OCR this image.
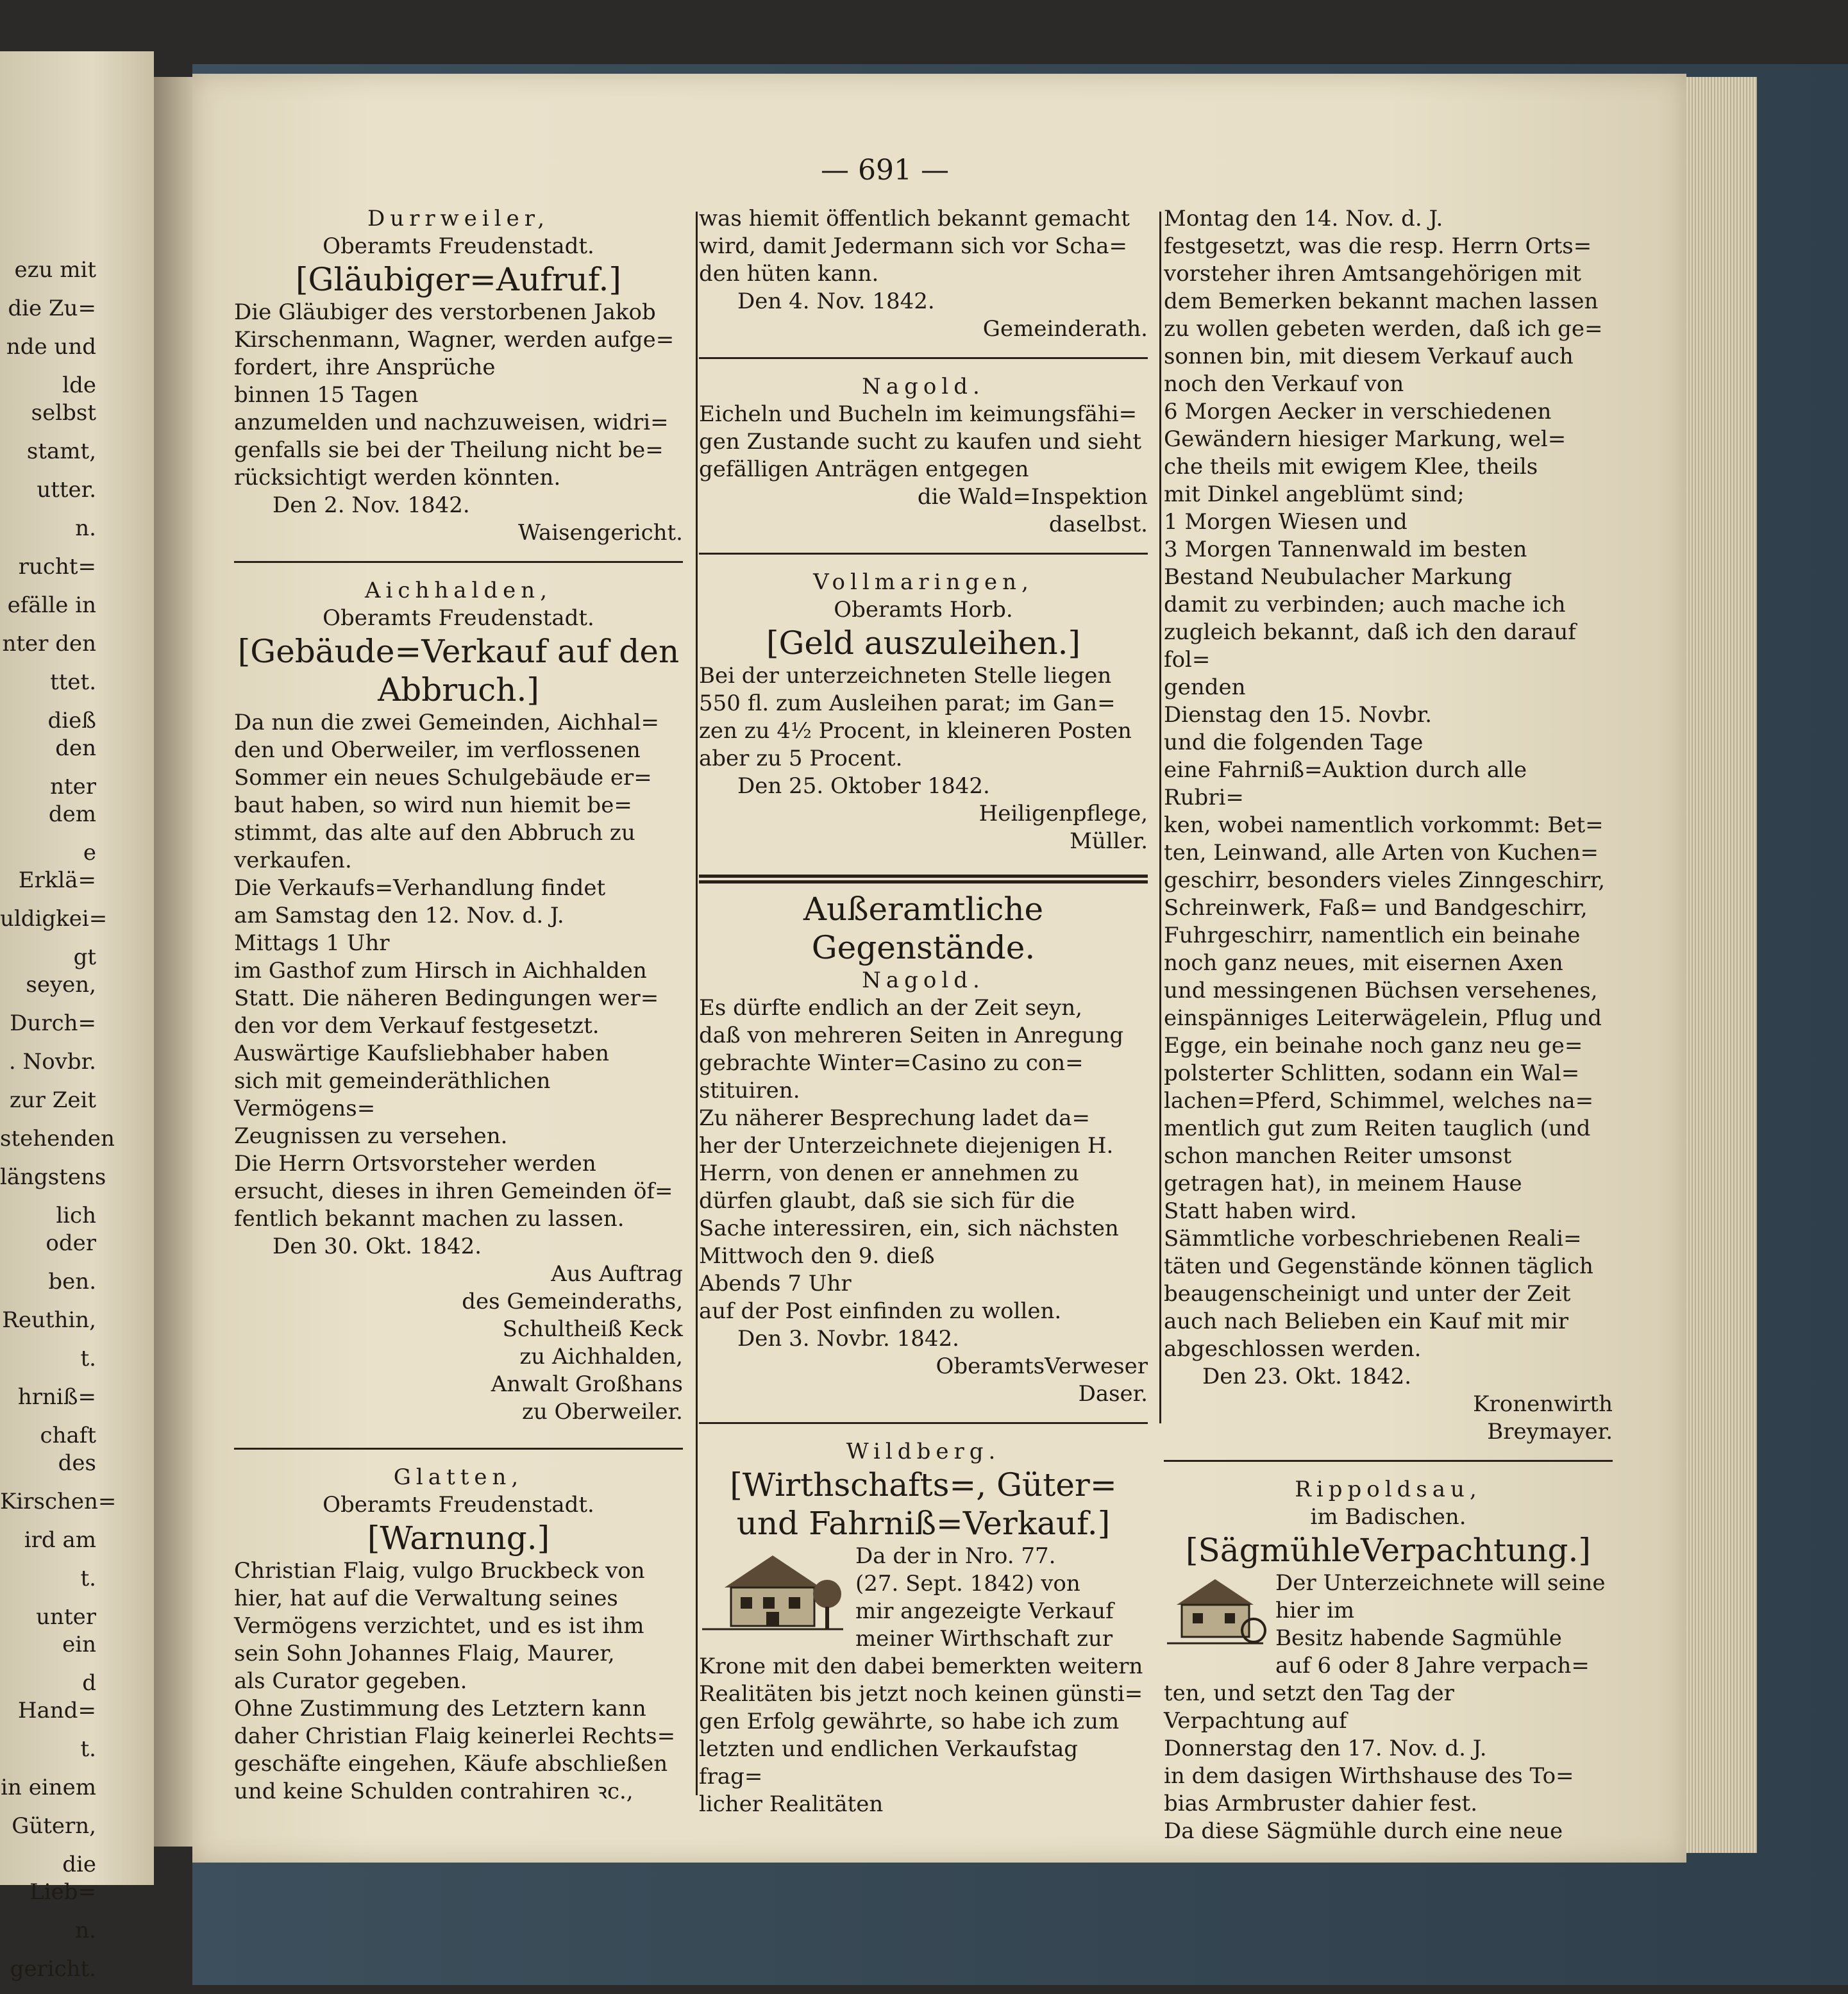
ezu mit
die Zu=
nde und
lde selbst
stamt,
utter.
n.
rucht=
efälle in
nter den
ttet.
dieß den
nter dem
e Erklä=
uldigkei=
gt seyen,
Durch=
. Novbr.
zur Zeit
stehenden
längstens
lich oder
ben.
Reuthin,
t.
hrniß=
chaft des
Kirschen=
ird am
t.
unter ein
d Hand=
t.
in einem
Gütern,
die Lieb=
n.
gericht.
— 691 —

Durrweiler,

Oberamts Freudenstadt.

[Gläubiger=Aufruf.]

Die Gläubiger des verstorbenen Jakob
Kirschenmann, Wagner, werden aufge=
fordert, ihre Ansprüche
binnen 15 Tagen
anzumelden und nachzuweisen, widri=
genfalls sie bei der Theilung nicht be=
rücksichtigt werden könnten.

Den 2. Nov. 1842.

Waisengericht.

Aichhalden,

Oberamts Freudenstadt.

[Gebäude=Verkauf auf den Abbruch.]

Da nun die zwei Gemeinden, Aichhal=
den und Oberweiler, im verflossenen
Sommer ein neues Schulgebäude er=
baut haben, so wird nun hiemit be=
stimmt, das alte auf den Abbruch zu
verkaufen.
Die Verkaufs=Verhandlung findet
am Samstag den 12. Nov. d. J.
Mittags 1 Uhr
im Gasthof zum Hirsch in Aichhalden
Statt. Die näheren Bedingungen wer=
den vor dem Verkauf festgesetzt.
Auswärtige Kaufsliebhaber haben
sich mit gemeinderäthlichen Vermögens=
Zeugnissen zu versehen.
Die Herrn Ortsvorsteher werden
ersucht, dieses in ihren Gemeinden öf=
fentlich bekannt machen zu lassen.

Den 30. Okt. 1842.

Aus Auftrag
des Gemeinderaths,
Schultheiß Keck
zu Aichhalden,
Anwalt Großhans
zu Oberweiler.

Glatten,

Oberamts Freudenstadt.

[Warnung.]

Christian Flaig, vulgo Bruckbeck von
hier, hat auf die Verwaltung seines
Vermögens verzichtet, und es ist ihm
sein Sohn Johannes Flaig, Maurer,
als Curator gegeben.
Ohne Zustimmung des Letztern kann
daher Christian Flaig keinerlei Rechts=
geschäfte eingehen, Käufe abschließen
und keine Schulden contrahiren ꝛc.,
was hiemit öffentlich bekannt gemacht
wird, damit Jedermann sich vor Scha=
den hüten kann.

Den 4. Nov. 1842.

Gemeinderath.

Nagold.

Eicheln und Bucheln im keimungsfähi=
gen Zustande sucht zu kaufen und sieht
gefälligen Anträgen entgegen
die Wald=Inspektion
daselbst.

Vollmaringen,

Oberamts Horb.

[Geld auszuleihen.]

Bei der unterzeichneten Stelle liegen
550 fl. zum Ausleihen parat; im Gan=
zen zu 4½ Procent, in kleineren Posten
aber zu 5 Procent.

Den 25. Oktober 1842.

Heiligenpflege,
Müller.

Außeramtliche Gegenstände.

Nagold.

Es dürfte endlich an der Zeit seyn,
daß von mehreren Seiten in Anregung
gebrachte Winter=Casino zu con=
stituiren.
Zu näherer Besprechung ladet da=
her der Unterzeichnete diejenigen H.
Herrn, von denen er annehmen zu
dürfen glaubt, daß sie sich für die
Sache interessiren, ein, sich nächsten
Mittwoch den 9. dieß
Abends 7 Uhr
auf der Post einfinden zu wollen.

Den 3. Novbr. 1842.

OberamtsVerweser
Daser.

Wildberg.

[Wirthschafts=, Güter= und Fahrniß=Verkauf.]

Da der in Nro. 77.
(27. Sept. 1842) von
mir angezeigte Verkauf
meiner Wirthschaft zur
Krone mit den dabei bemerkten weitern
Realitäten bis jetzt noch keinen günsti=
gen Erfolg gewährte, so habe ich zum
letzten und endlichen Verkaufstag frag=
licher Realitäten
Montag den 14. Nov. d. J.
festgesetzt, was die resp. Herrn Orts=
vorsteher ihren Amtsangehörigen mit
dem Bemerken bekannt machen lassen
zu wollen gebeten werden, daß ich ge=
sonnen bin, mit diesem Verkauf auch
noch den Verkauf von
6 Morgen Aecker in verschiedenen
Gewändern hiesiger Markung, wel=
che theils mit ewigem Klee, theils
mit Dinkel angeblümt sind;
1 Morgen Wiesen und
3 Morgen Tannenwald im besten
Bestand Neubulacher Markung
damit zu verbinden; auch mache ich
zugleich bekannt, daß ich den darauf fol=
genden
Dienstag den 15. Novbr.
und die folgenden Tage
eine Fahrniß=Auktion durch alle Rubri=
ken, wobei namentlich vorkommt: Bet=
ten, Leinwand, alle Arten von Kuchen=
geschirr, besonders vieles Zinngeschirr,
Schreinwerk, Faß= und Bandgeschirr,
Fuhrgeschirr, namentlich ein beinahe
noch ganz neues, mit eisernen Axen
und messingenen Büchsen versehenes,
einspänniges Leiterwägelein, Pflug und
Egge, ein beinahe noch ganz neu ge=
polsterter Schlitten, sodann ein Wal=
lachen=Pferd, Schimmel, welches na=
mentlich gut zum Reiten tauglich (und
schon manchen Reiter umsonst
getragen hat), in meinem Hause
Statt haben wird.
Sämmtliche vorbeschriebenen Reali=
täten und Gegenstände können täglich
beaugenscheinigt und unter der Zeit
auch nach Belieben ein Kauf mit mir
abgeschlossen werden.

Den 23. Okt. 1842.

Kronenwirth
Breymayer.

Rippoldsau,

im Badischen.

[SägmühleVerpachtung.]

Der Unterzeichnete will seine hier im
Besitz habende Sagmühle
auf 6 oder 8 Jahre verpach=
ten, und setzt den Tag der
Verpachtung auf
Donnerstag den 17. Nov. d. J.
in dem dasigen Wirthshause des To=
bias Armbruster dahier fest.
Da diese Sägmühle durch eine neue
